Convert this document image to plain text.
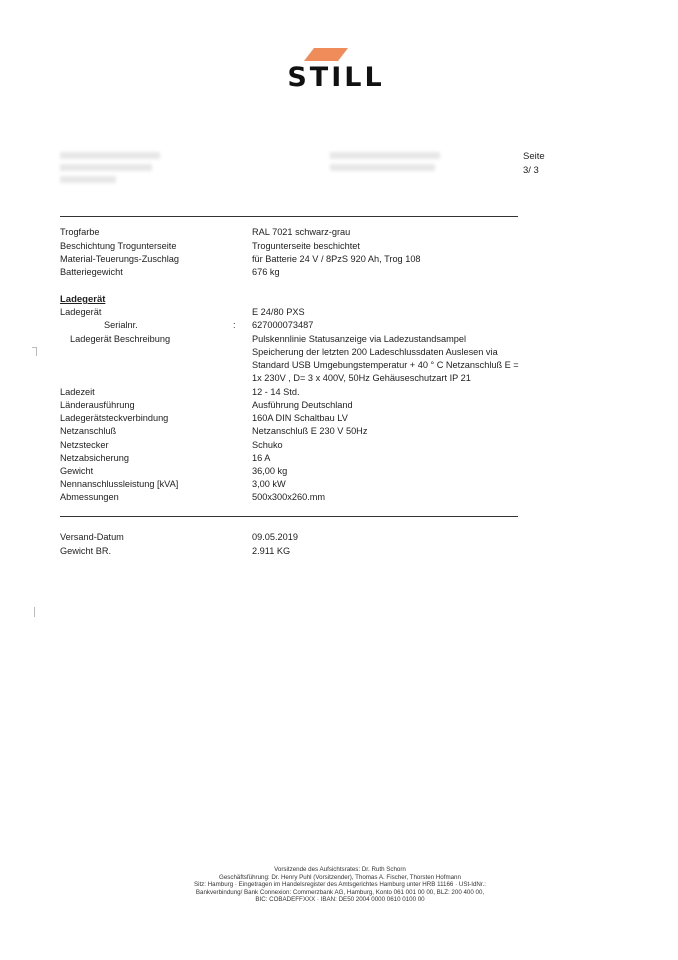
STILL
Seite
3/ 3
Trogfarbe	RAL 7021 schwarz-grau
Beschichtung Trogunterseite	Trogunterseite beschichtet
Material-Teuerungs-Zuschlag	für Batterie 24 V / 8PzS 920 Ah, Trog 108
Batteriegewicht	676 kg
Ladegerät
Ladegerät	E 24/80 PXS
Serialnr.	: 627000073487
Ladegerät Beschreibung	Pulskennlinie Statusanzeige via Ladezustandsampel
Speicherung der letzten 200 Ladeschlussdaten Auslesen via
Standard USB Umgebungstemperatur + 40 ° C Netzanschluß E =
1x 230V , D= 3 x 400V, 50Hz Gehäuseschutzart IP 21
Ladezeit	12 - 14 Std.
Länderausführung	Ausführung Deutschland
Ladegerätsteckverbindung	160A DIN Schaltbau LV
Netzanschluß	Netzanschluß E 230 V 50Hz
Netzstecker	Schuko
Netzabsicherung	16 A
Gewicht	36,00 kg
Nennanschlussleistung [kVA]	3,00 kW
Abmessungen	500x300x260.mm
Versand-Datum	09.05.2019
Gewicht BR.	2.911 KG
Vorsitzende des Aufsichtsrates: Dr. Ruth Schorn
Geschäftsführung: Dr. Henry Puhl (Vorsitzender), Thomas A. Fischer, Thorsten Hofmann
Sitz: Hamburg · Eingetragen im Handelsregister des Amtsgerichtes Hamburg unter HRB 11166 · USt-IdNr.:
Bankverbindung/ Bank Connexion: Commerzbank AG, Hamburg, Konto 061 001 00 00, BLZ: 200 400 00,
BIC: COBADEFFXXX · IBAN: DE50 2004 0000 0610 0100 00
